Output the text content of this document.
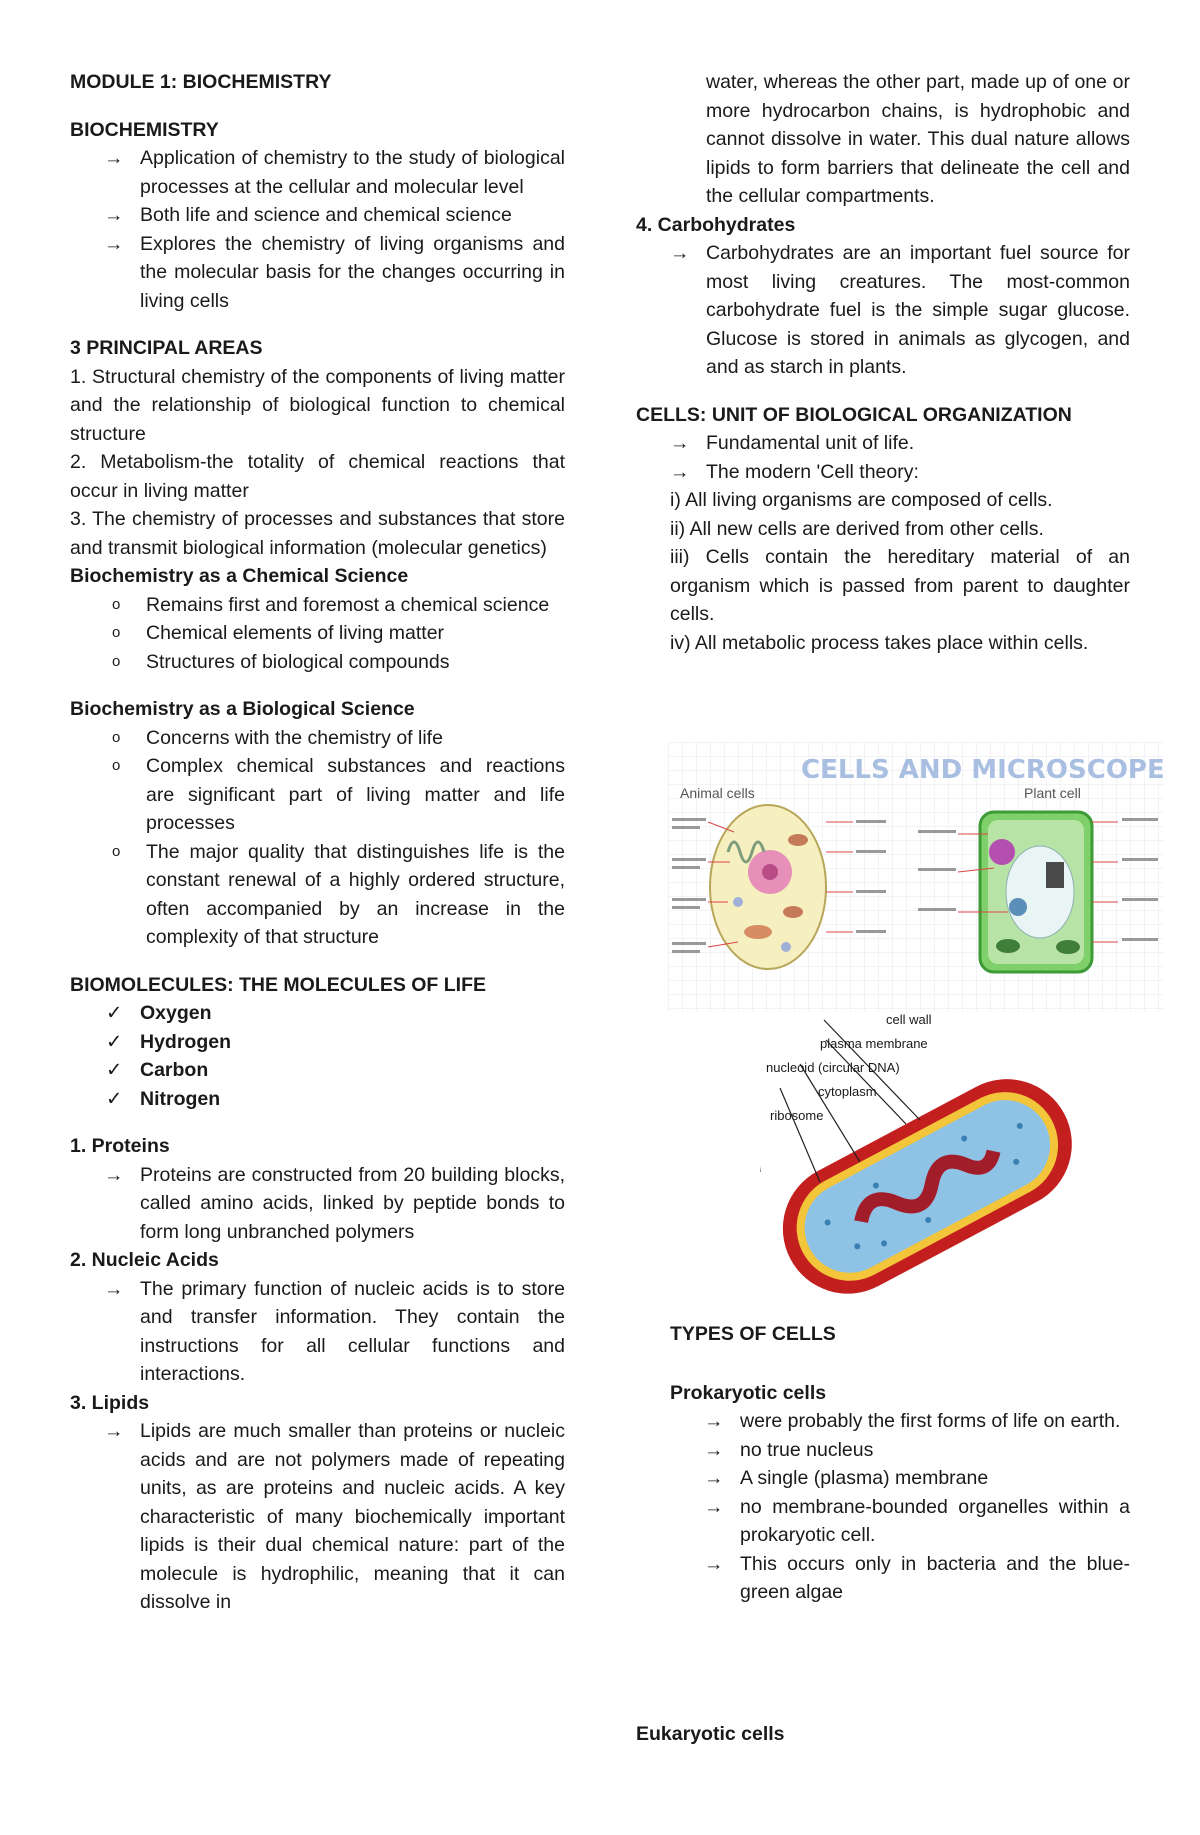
MODULE 1: BIOCHEMISTRY

BIOCHEMISTRY

→ Application of chemistry to the study of biological processes at the cellular and molecular level
→ Both life and science and chemical science
→ Explores the chemistry of living organisms and the molecular basis for the changes occurring in living cells

3 PRINCIPAL AREAS

1. Structural chemistry of the components of living matter and the relationship of biological function to chemical structure

2. Metabolism-the totality of chemical reactions that occur in living matter

3. The chemistry of processes and substances that store and transmit biological information (molecular genetics)

Biochemistry as a Chemical Science

o Remains first and foremost a chemical science
o Chemical elements of living matter
o Structures of biological compounds

Biochemistry as a Biological Science

o Concerns with the chemistry of life
o Complex chemical substances and reactions are significant part of living matter and life processes
o The major quality that distinguishes life is the constant renewal of a highly ordered structure, often accompanied by an increase in the complexity of that structure

BIOMOLECULES: THE MOLECULES OF LIFE

✓ Oxygen
✓ Hydrogen
✓ Carbon
✓ Nitrogen

1. Proteins

→ Proteins are constructed from 20 building blocks, called amino acids, linked by peptide bonds to form long unbranched polymers

2. Nucleic Acids

→ The primary function of nucleic acids is to store and transfer information. They contain the instructions for all cellular functions and interactions.

3. Lipids

→ Lipids are much smaller than proteins or nucleic acids and are not polymers made of repeating units, as are proteins and nucleic acids. A key characteristic of many biochemically important lipids is their dual chemical nature: part of the molecule is hydrophilic, meaning that it can dissolve in

water, whereas the other part, made up of one or more hydrocarbon chains, is hydrophobic and cannot dissolve in water. This dual nature allows lipids to form barriers that delineate the cell and the cellular compartments.

4. Carbohydrates

→ Carbohydrates are an important fuel source for most living creatures. The most-common carbohydrate fuel is the simple sugar glucose. Glucose is stored in animals as glycogen, and and as starch in plants.

CELLS: UNIT OF BIOLOGICAL ORGANIZATION

→ Fundamental unit of life.
→ The modern 'Cell theory:

i) All living organisms are composed of cells.

ii) All new cells are derived from other cells.

iii) Cells contain the hereditary material of an organism which is passed from parent to daughter cells.

iv) All metabolic process takes place within cells.

CELLS AND MICROSCOPES
Animal cells	Plant cell
cell wall
plasma membrane
nucleoid (circular DNA)
cytoplasm
ribosome

TYPES OF CELLS

Prokaryotic cells

→ were probably the first forms of life on earth.
→ no true nucleus
→ A single (plasma) membrane
→ no membrane-bounded organelles within a prokaryotic cell.
→ This occurs only in bacteria and the blue-green algae

Eukaryotic cells
